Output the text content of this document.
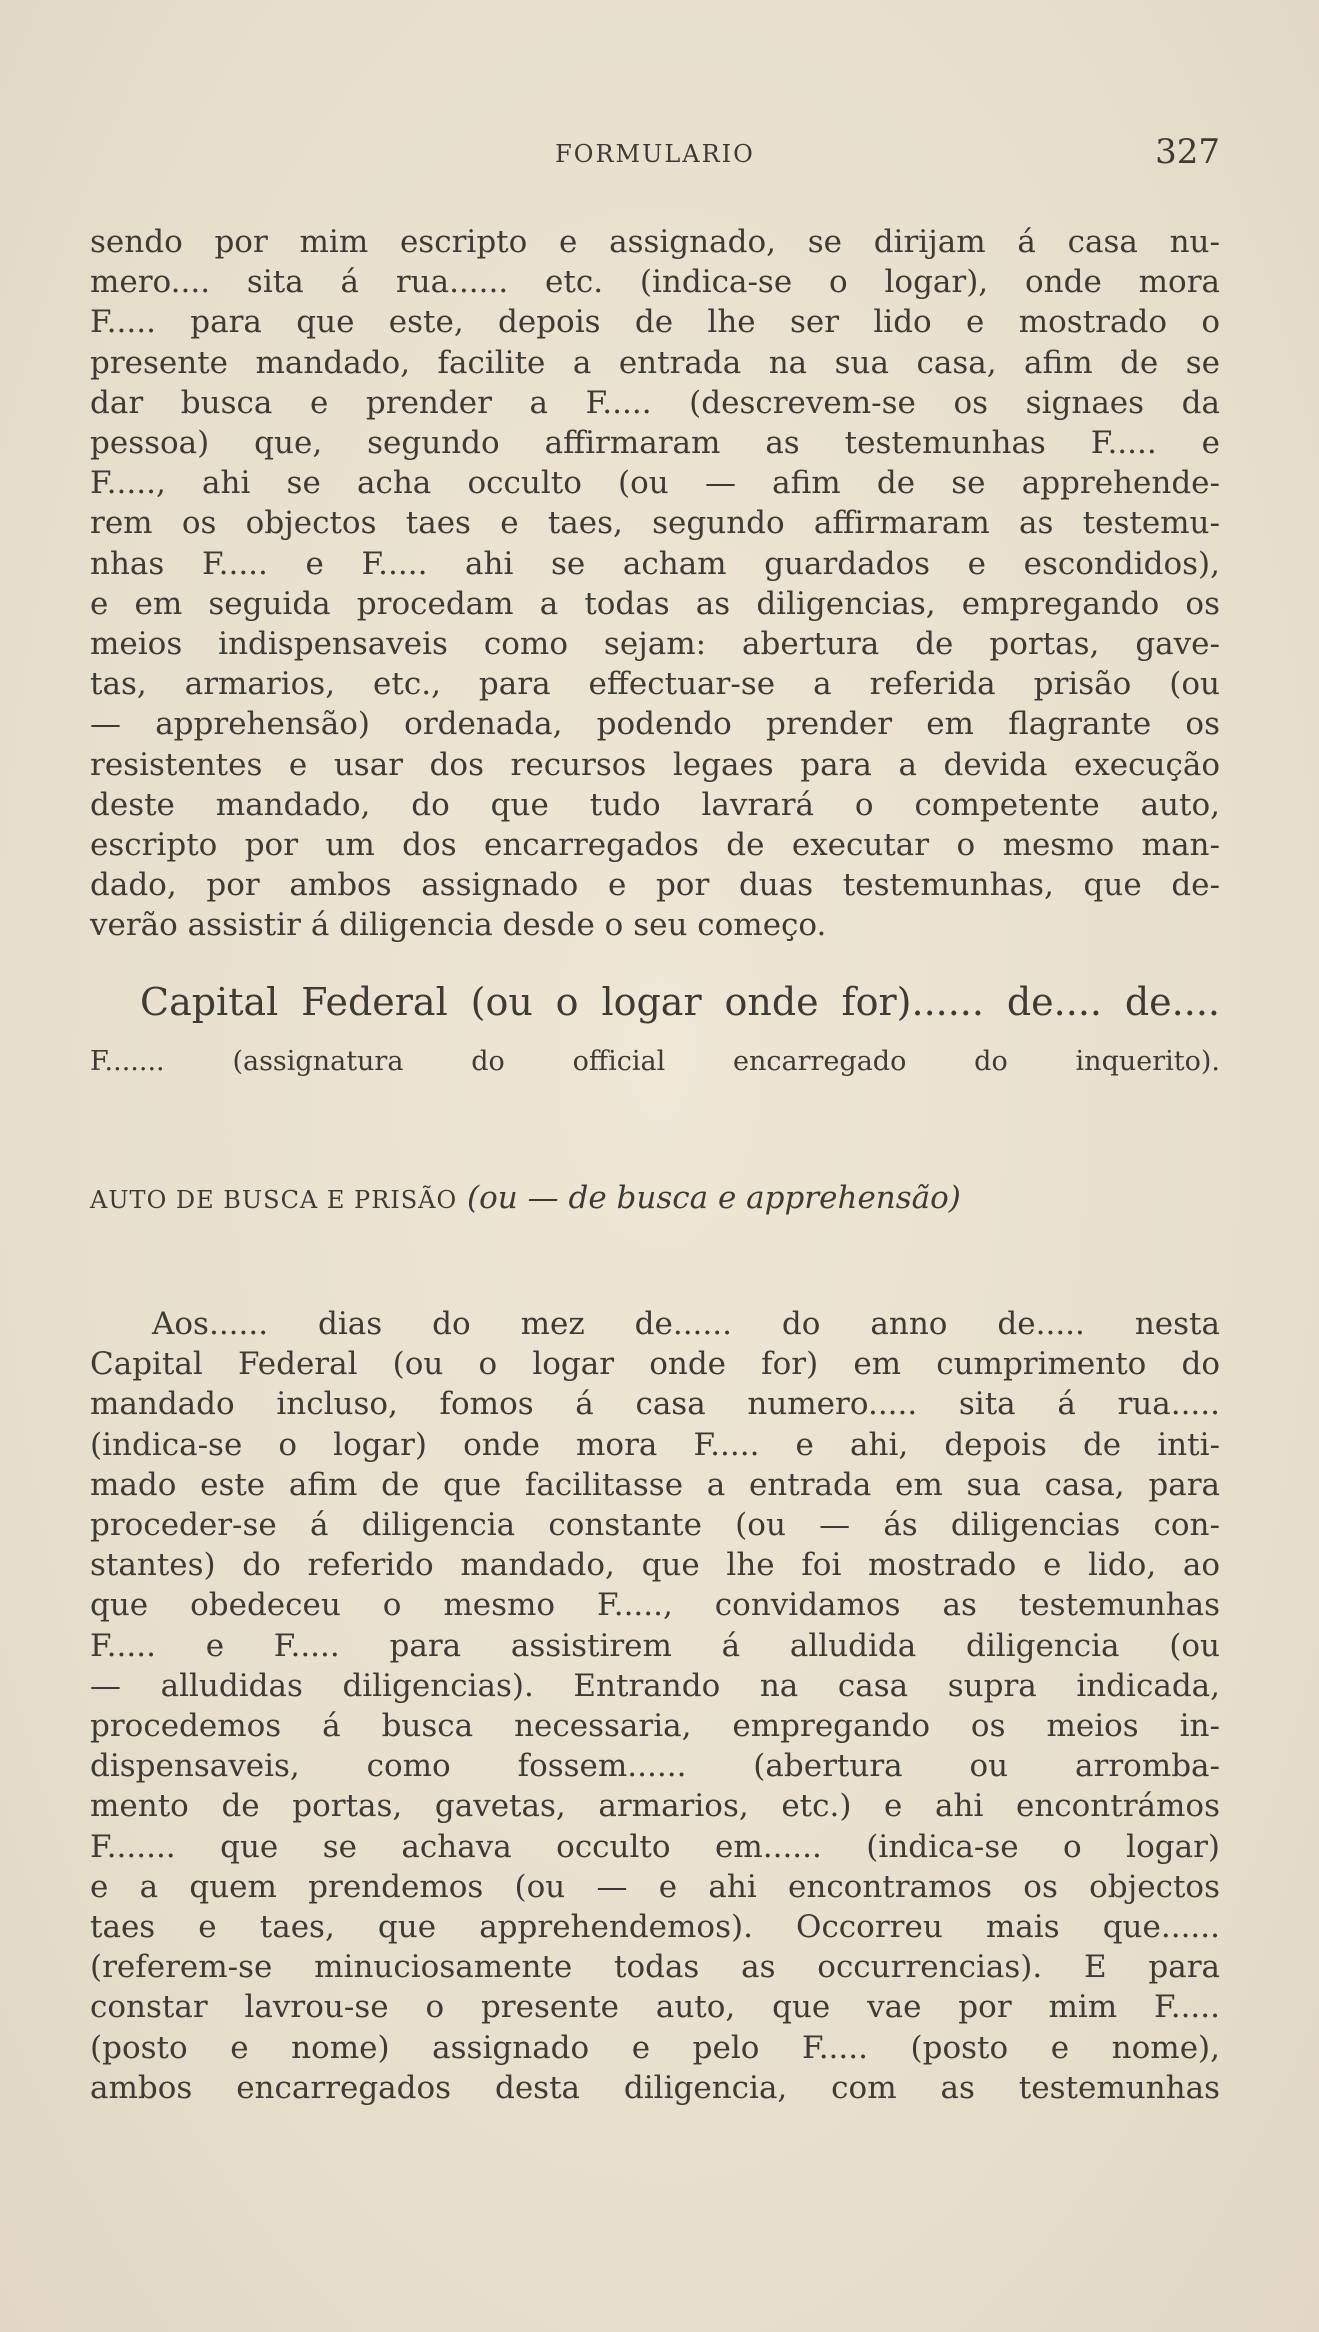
FORMULARIO	327
sendo por mim escripto e assignado, se dirijam á casa nu-
mero.... sita á rua...... etc. (indica-se o logar), onde mora
F..... para que este, depois de lhe ser lido e mostrado o
presente mandado, facilite a entrada na sua casa, afim de se
dar busca e prender a F..... (descrevem-se os signaes da
pessoa) que, segundo affirmaram as testemunhas F..... e
F....., ahi se acha occulto (ou — afim de se apprehende-
rem os objectos taes e taes, segundo affirmaram as testemu-
nhas F..... e F..... ahi se acham guardados e escondidos),
e em seguida procedam a todas as diligencias, empregando os
meios indispensaveis como sejam: abertura de portas, gave-
tas, armarios, etc., para effectuar-se a referida prisão (ou
— apprehensão) ordenada, podendo prender em flagrante os
resistentes e usar dos recursos legaes para a devida execução
deste mandado, do que tudo lavrará o competente auto,
escripto por um dos encarregados de executar o mesmo man-
dado, por ambos assignado e por duas testemunhas, que de-
verão assistir á diligencia desde o seu começo.
Capital Federal (ou o logar onde for)...... de.... de....
F....... (assignatura do official encarregado do inquerito).
AUTO DE BUSCA E PRISÃO (ou — de busca e apprehensão)
Aos...... dias do mez de...... do anno de..... nesta
Capital Federal (ou o logar onde for) em cumprimento do
mandado incluso, fomos á casa numero..... sita á rua.....
(indica-se o logar) onde mora F..... e ahi, depois de inti-
mado este afim de que facilitasse a entrada em sua casa, para
proceder-se á diligencia constante (ou — ás diligencias con-
stantes) do referido mandado, que lhe foi mostrado e lido, ao
que obedeceu o mesmo F....., convidamos as testemunhas
F..... e F..... para assistirem á alludida diligencia (ou
— alludidas diligencias). Entrando na casa supra indicada,
procedemos á busca necessaria, empregando os meios in-
dispensaveis, como fossem...... (abertura ou arromba-
mento de portas, gavetas, armarios, etc.) e ahi encontrámos
F....... que se achava occulto em...... (indica-se o logar)
e a quem prendemos (ou — e ahi encontramos os objectos
taes e taes, que apprehendemos). Occorreu mais que......
(referem-se minuciosamente todas as occurrencias). E para
constar lavrou-se o presente auto, que vae por mim F.....
(posto e nome) assignado e pelo F..... (posto e nome),
ambos encarregados desta diligencia, com as testemunhas
